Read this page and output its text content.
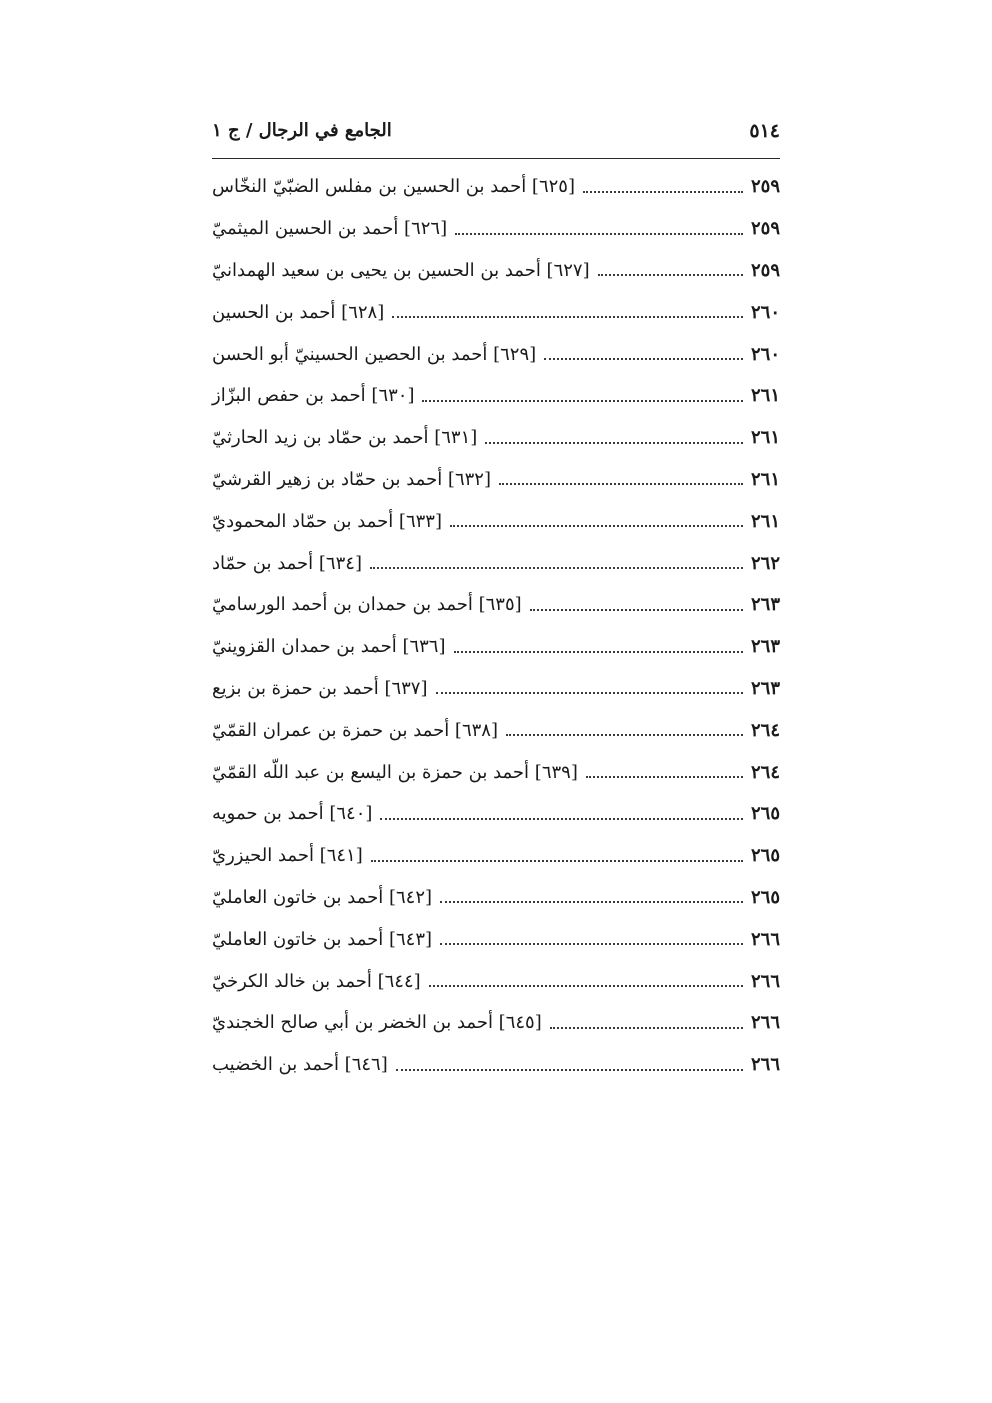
٥١٤
الجامع في الرجال / ج ١
[٦٢٥] أحمد بن الحسين بن مفلس الضبّيّ النخّاس	٢٥٩
[٦٢٦] أحمد بن الحسين الميثميّ	٢٥٩
[٦٢٧] أحمد بن الحسين بن يحيى بن سعيد الهمدانيّ	٢٥٩
[٦٢٨] أحمد بن الحسين	٢٦٠
[٦٢٩] أحمد بن الحصين الحسينيّ أبو الحسن	٢٦٠
[٦٣٠] أحمد بن حفص البزّاز	٢٦١
[٦٣١] أحمد بن حمّاد بن زيد الحارثيّ	٢٦١
[٦٣٢] أحمد بن حمّاد بن زهير القرشيّ	٢٦١
[٦٣٣] أحمد بن حمّاد المحموديّ	٢٦١
[٦٣٤] أحمد بن حمّاد	٢٦٢
[٦٣٥] أحمد بن حمدان بن أحمد الورساميّ	٢٦٣
[٦٣٦] أحمد بن حمدان القزوينيّ	٢٦٣
[٦٣٧] أحمد بن حمزة بن بزيع	٢٦٣
[٦٣٨] أحمد بن حمزة بن عمران القمّيّ	٢٦٤
[٦٣٩] أحمد بن حمزة بن اليسع بن عبد اللّه القمّيّ	٢٦٤
[٦٤٠] أحمد بن حمويه	٢٦٥
[٦٤١] أحمد الحيزريّ	٢٦٥
[٦٤٢] أحمد بن خاتون العامليّ	٢٦٥
[٦٤٣] أحمد بن خاتون العامليّ	٢٦٦
[٦٤٤] أحمد بن خالد الكرخيّ	٢٦٦
[٦٤٥] أحمد بن الخضر بن أبي صالح الخجنديّ	٢٦٦
[٦٤٦] أحمد بن الخضيب	٢٦٦
